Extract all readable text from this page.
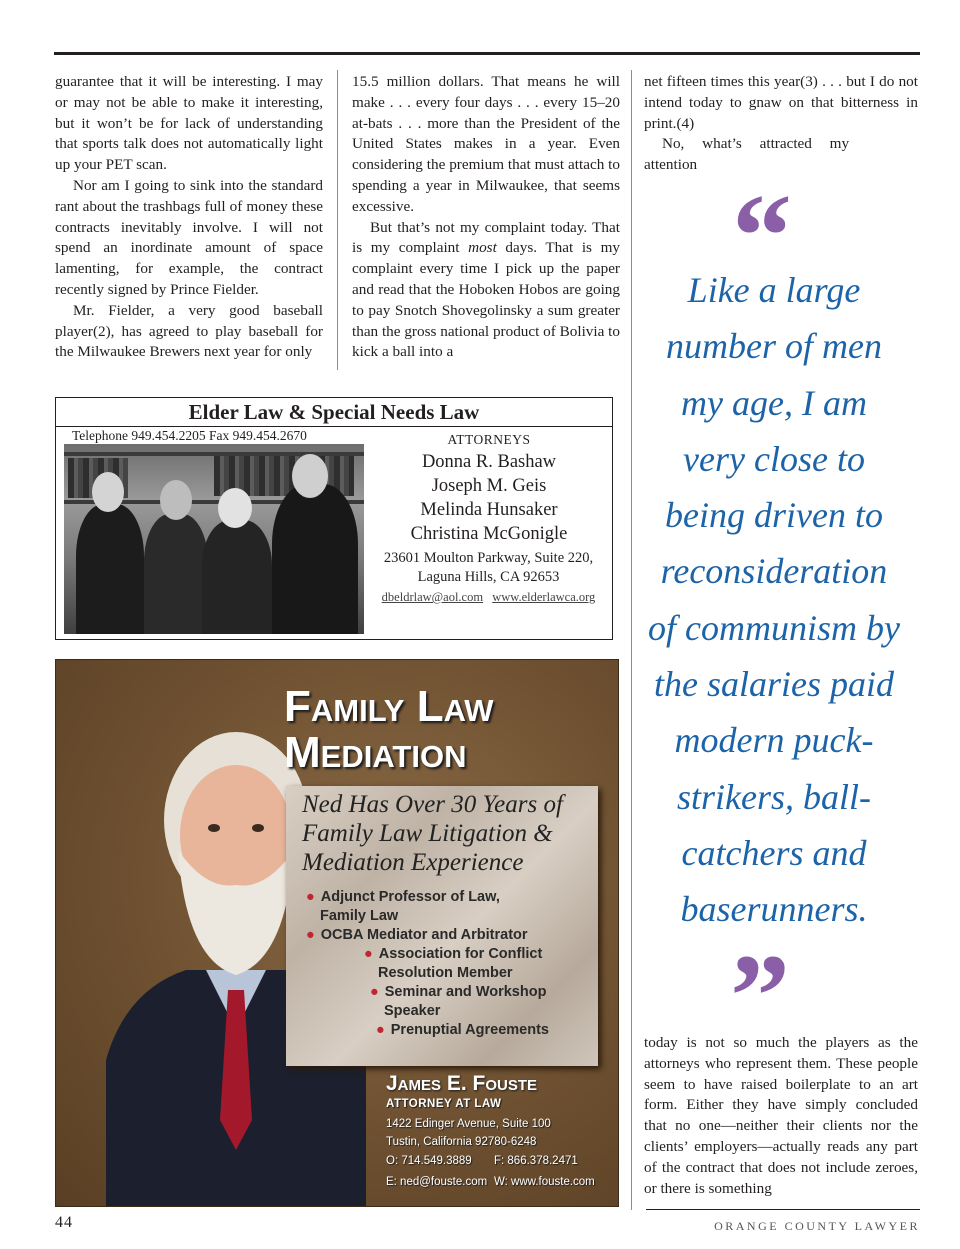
guarantee that it will be interesting. I may or may not be able to make it interesting, but it won’t be for lack of understanding that sports talk does not automatically light up your PET scan.

Nor am I going to sink into the standard rant about the trashbags full of money these contracts inevitably involve. I will not spend an inordinate amount of space lamenting, for example, the contract recently signed by Prince Fielder.

Mr. Fielder, a very good baseball player(2), has agreed to play baseball for the Milwaukee Brewers next year for only

15.5 million dollars. That means he will make . . . every four days . . . every 15–20 at-bats . . . more than the President of the United States makes in a year. Even considering the premium that must attach to spending a year in Milwaukee, that seems excessive.

But that’s not my complaint today. That is my complaint most days. That is my complaint every time I pick up the paper and read that the Hoboken Hobos are going to pay Snotch Shovegolinsky a sum greater than the gross national product of Bolivia to kick a ball into a

net fifteen times this year(3) . . . but I do not intend today to gnaw on that bitterness in print.(4)

No, what’s attracted my attention

“

Like a large number of men my age, I am very close to being driven to reconsideration of communism by the salaries paid modern puck-strikers, ball-catchers and baserunners.

”

today is not so much the players as the attorneys who represent them. These people seem to have raised boilerplate to an art form. Either they have simply concluded that no one—neither their clients nor the clients’ employers—actually reads any part of the contract that does not include zeroes, or there is something

Elder Law & Special Needs Law
Telephone 949.454.2205 Fax 949.454.2670	ATTORNEYS
Donna R. Bashaw
Joseph M. Geis
Melinda Hunsaker
Christina McGonigle
23601 Moulton Parkway, Suite 220,
Laguna Hills, CA 92653
dbeldrlaw@aol.com www.elderlawca.org
Family Law
Mediation
Ned Has Over 30 Years of Family Law Litigation & Mediation Experience
● Adjunct Professor of Law,
Family Law
● OCBA Mediator and Arbitrator
● Association for Conflict
Resolution Member
● Seminar and Workshop
Speaker
● Prenuptial Agreements
James E. Fouste
ATTORNEY AT LAW
1422 Edinger Avenue, Suite 100
Tustin, California 92780-6248
O: 714.549.3889 F: 866.378.2471
E: ned@fouste.com W: www.fouste.com
44	ORANGE COUNTY LAWYER
